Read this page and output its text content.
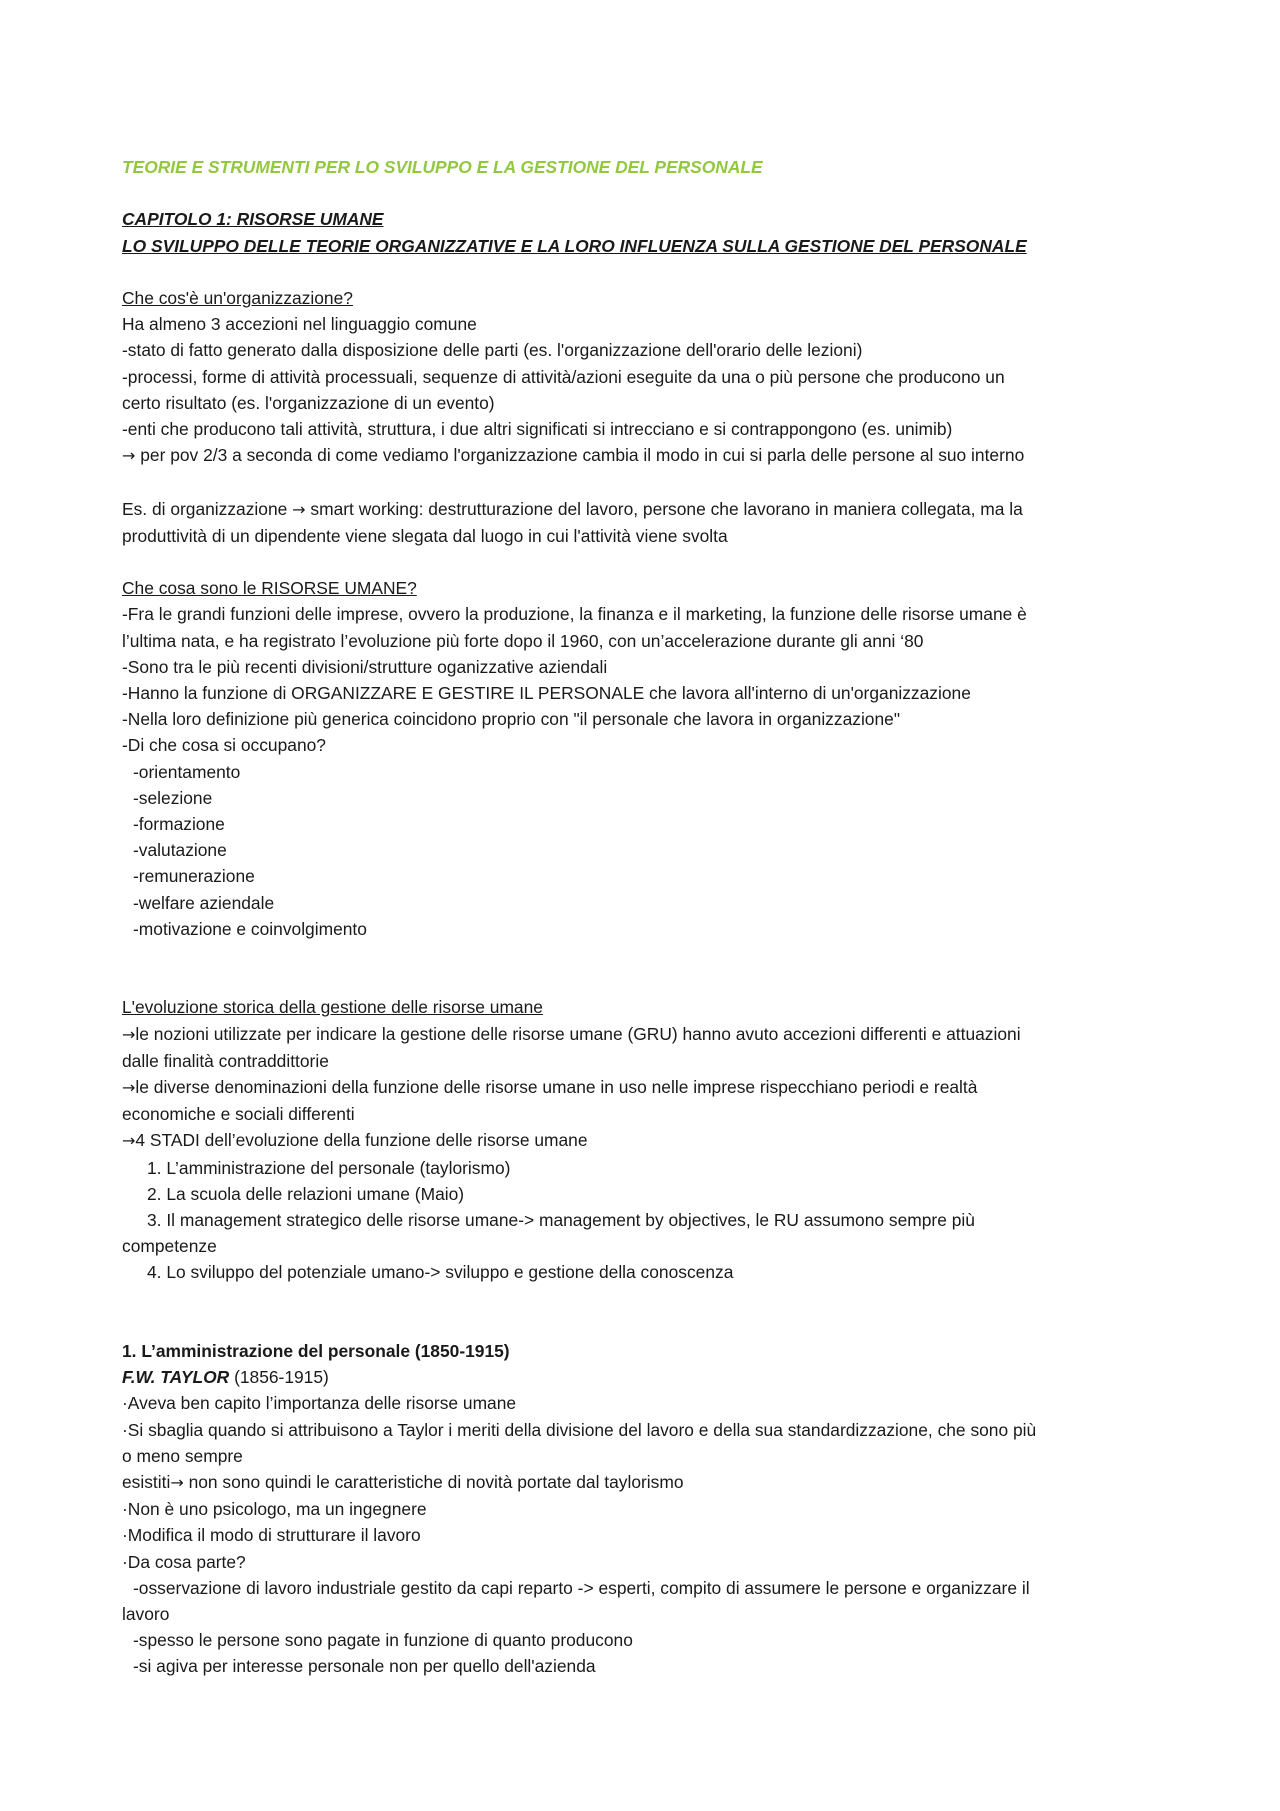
TEORIE E STRUMENTI PER LO SVILUPPO E LA GESTIONE DEL PERSONALE
CAPITOLO 1: RISORSE UMANE
LO SVILUPPO DELLE TEORIE ORGANIZZATIVE E LA LORO INFLUENZA SULLA GESTIONE DEL PERSONALE
Che cos'è un'organizzazione?
Ha almeno 3 accezioni nel linguaggio comune
-stato di fatto generato dalla disposizione delle parti (es. l'organizzazione dell'orario delle lezioni)
-processi, forme di attività processuali, sequenze di attività/azioni eseguite da una o più persone che producono un
certo risultato (es. l'organizzazione di un evento)
-enti che producono tali attività, struttura, i due altri significati si intrecciano e si contrappongono (es. unimib)
→ per pov 2/3 a seconda di come vediamo l'organizzazione cambia il modo in cui si parla delle persone al suo interno
Es. di organizzazione → smart working: destrutturazione del lavoro, persone che lavorano in maniera collegata, ma la
produttività di un dipendente viene slegata dal luogo in cui l'attività viene svolta
Che cosa sono le RISORSE UMANE?
-Fra le grandi funzioni delle imprese, ovvero la produzione, la finanza e il marketing, la funzione delle risorse umane è
l’ultima nata, e ha registrato l’evoluzione più forte dopo il 1960, con un’accelerazione durante gli anni ‘80
-Sono tra le più recenti divisioni/strutture oganizzative aziendali
-Hanno la funzione di ORGANIZZARE E GESTIRE IL PERSONALE che lavora all'interno di un'organizzazione
-Nella loro definizione più generica coincidono proprio con "il personale che lavora in organizzazione"
-Di che cosa si occupano?
-orientamento
-selezione
-formazione
-valutazione
-remunerazione
-welfare aziendale
-motivazione e coinvolgimento
L'evoluzione storica della gestione delle risorse umane
→le nozioni utilizzate per indicare la gestione delle risorse umane (GRU) hanno avuto accezioni differenti e attuazioni
dalle finalità contraddittorie
→le diverse denominazioni della funzione delle risorse umane in uso nelle imprese rispecchiano periodi e realtà
economiche e sociali differenti
→4 STADI dell’evoluzione della funzione delle risorse umane
1. L’amministrazione del personale (taylorismo)
2. La scuola delle relazioni umane (Maio)
3. Il management strategico delle risorse umane-> management by objectives, le RU assumono sempre più
competenze
4. Lo sviluppo del potenziale umano-> sviluppo e gestione della conoscenza
1. L’amministrazione del personale (1850-1915)
F.W. TAYLOR (1856-1915)
·Aveva ben capito l’importanza delle risorse umane
·Si sbaglia quando si attribuisono a Taylor i meriti della divisione del lavoro e della sua standardizzazione, che sono più
o meno sempre
esistiti→ non sono quindi le caratteristiche di novità portate dal taylorismo
·Non è uno psicologo, ma un ingegnere
·Modifica il modo di strutturare il lavoro
·Da cosa parte?
-osservazione di lavoro industriale gestito da capi reparto -> esperti, compito di assumere le persone e organizzare il
lavoro
-spesso le persone sono pagate in funzione di quanto producono
-si agiva per interesse personale non per quello dell'azienda
